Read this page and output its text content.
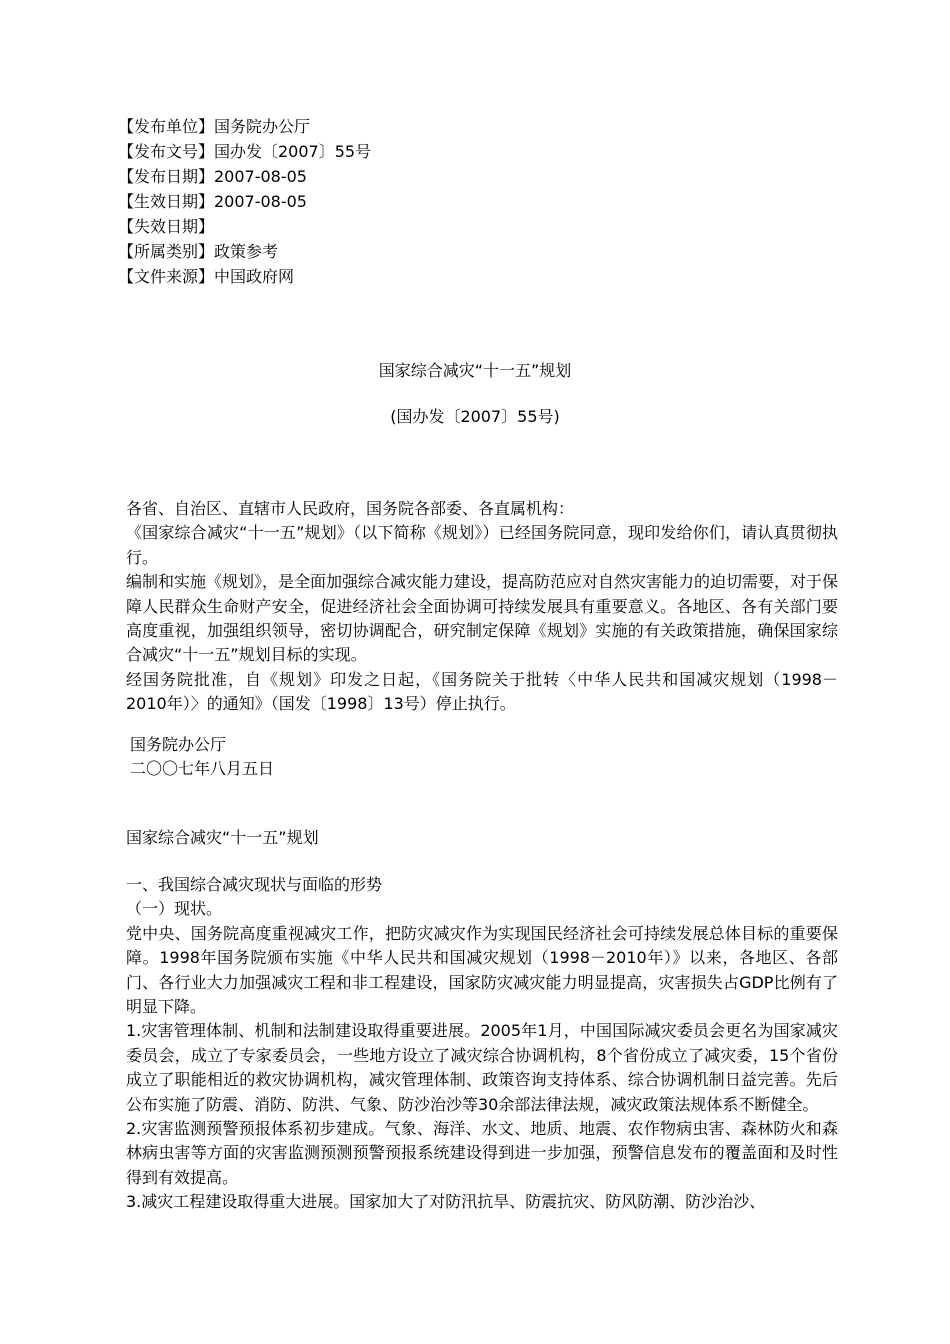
【发布单位】国务院办公厅
【发布文号】国办发〔2007〕55号
【发布日期】2007-08-05
【生效日期】2007-08-05
【失效日期】
【所属类别】政策参考
【文件来源】中国政府网
国家综合减灾“十一五”规划
(国办发〔2007〕55号)

各省、自治区、直辖市人民政府，国务院各部委、各直属机构：

《国家综合减灾“十一五”规划》（以下简称《规划》）已经国务院同意，现印发给你们，请认真贯彻执行。

编制和实施《规划》，是全面加强综合减灾能力建设，提高防范应对自然灾害能力的迫切需要，对于保障人民群众生命财产安全，促进经济社会全面协调可持续发展具有重要意义。各地区、各有关部门要高度重视，加强组织领导，密切协调配合，研究制定保障《规划》实施的有关政策措施，确保国家综合减灾“十一五”规划目标的实现。

经国务院批准，自《规划》印发之日起，《国务院关于批转〈中华人民共和国减灾规划（1998－2010年）〉的通知》（国发〔1998〕13号）停止执行。

国务院办公厅
二〇〇七年八月五日
国家综合减灾“十一五”规划

一、我国综合减灾现状与面临的形势

（一）现状。

党中央、国务院高度重视减灾工作，把防灾减灾作为实现国民经济社会可持续发展总体目标的重要保障。1998年国务院颁布实施《中华人民共和国减灾规划（1998－2010年）》以来，各地区、各部门、各行业大力加强减灾工程和非工程建设，国家防灾减灾能力明显提高，灾害损失占GDP比例有了明显下降。

1.灾害管理体制、机制和法制建设取得重要进展。2005年1月，中国国际减灾委员会更名为国家减灾委员会，成立了专家委员会，一些地方设立了减灾综合协调机构，8个省份成立了减灾委，15个省份成立了职能相近的救灾协调机构，减灾管理体制、政策咨询支持体系、综合协调机制日益完善。先后公布实施了防震、消防、防洪、气象、防沙治沙等30余部法律法规，减灾政策法规体系不断健全。

2.灾害监测预警预报体系初步建成。气象、海洋、水文、地质、地震、农作物病虫害、森林防火和森林病虫害等方面的灾害监测预测预警预报系统建设得到进一步加强，预警信息发布的覆盖面和及时性得到有效提高。

3.减灾工程建设取得重大进展。国家加大了对防汛抗旱、防震抗灾、防风防潮、防沙治沙、
